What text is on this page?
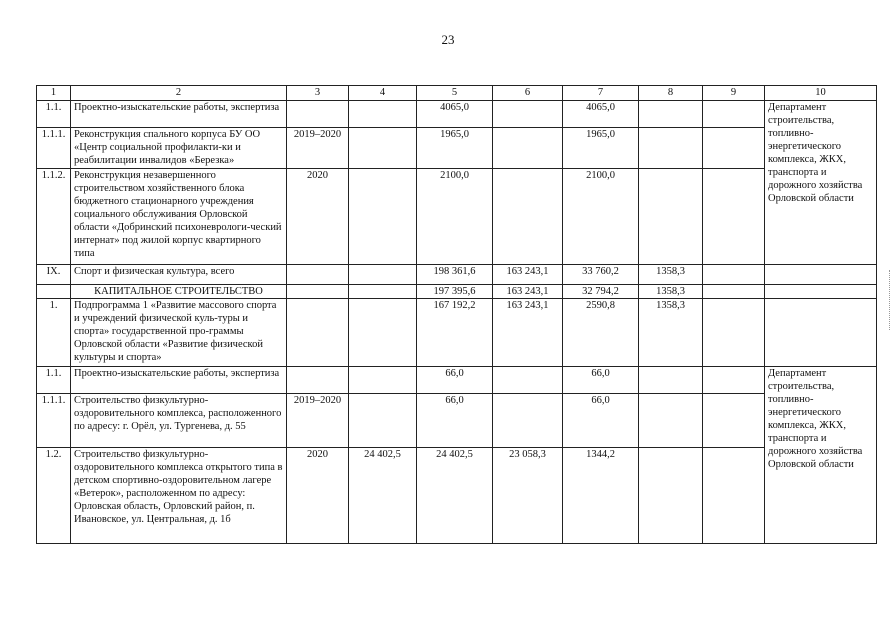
23
1	2	3	4	5	6	7	8	9	10
1.1.	Проектно-изыскательские работы, экспертиза			4065,0		4065,0			Департамент строительства, топливно-энергетического комплекса, ЖКХ, транспорта и дорожного хозяйства Орловской области
1.1.1.	Реконструкция спального корпуса БУ ОО «Центр социальной профилакти-ки и реабилитации инвалидов «Березка»	2019–2020		1965,0		1965,0			
1.1.2.	Реконструкция незавершенного строительством хозяйственного блока бюджетного стационарного учреждения социального обслуживания Орловской области «Добринский психоневрологи-ческий интернат» под жилой корпус квартирного типа	2020		2100,0		2100,0			
IX.	Спорт и физическая культура, всего			198 361,6	163 243,1	33 760,2	1358,3		
	КАПИТАЛЬНОЕ СТРОИТЕЛЬСТВО			197 395,6	163 243,1	32 794,2	1358,3		
1.	Подпрограмма 1 «Развитие массового спорта и учреждений физической куль-туры и спорта» государственной про-граммы Орловской области «Развитие физической культуры и спорта»			167 192,2	163 243,1	2590,8	1358,3		
1.1.	Проектно-изыскательские работы, экспертиза			66,0		66,0			Департамент строительства, топливно-энергетического комплекса, ЖКХ, транспорта и дорожного хозяйства Орловской области
1.1.1.	Строительство физкультурно-оздоровительного комплекса, расположенного по адресу: г. Орёл, ул. Тургенева, д. 55	2019–2020		66,0		66,0			
1.2.	Строительство физкультурно-оздоровительного комплекса открытого типа в детском спортивно-оздоровительном лагере «Ветерок», расположенном по адресу: Орловская область, Орловский район, п. Ивановское, ул. Центральная, д. 1б	2020	24 402,5	24 402,5	23 058,3	1344,2			
